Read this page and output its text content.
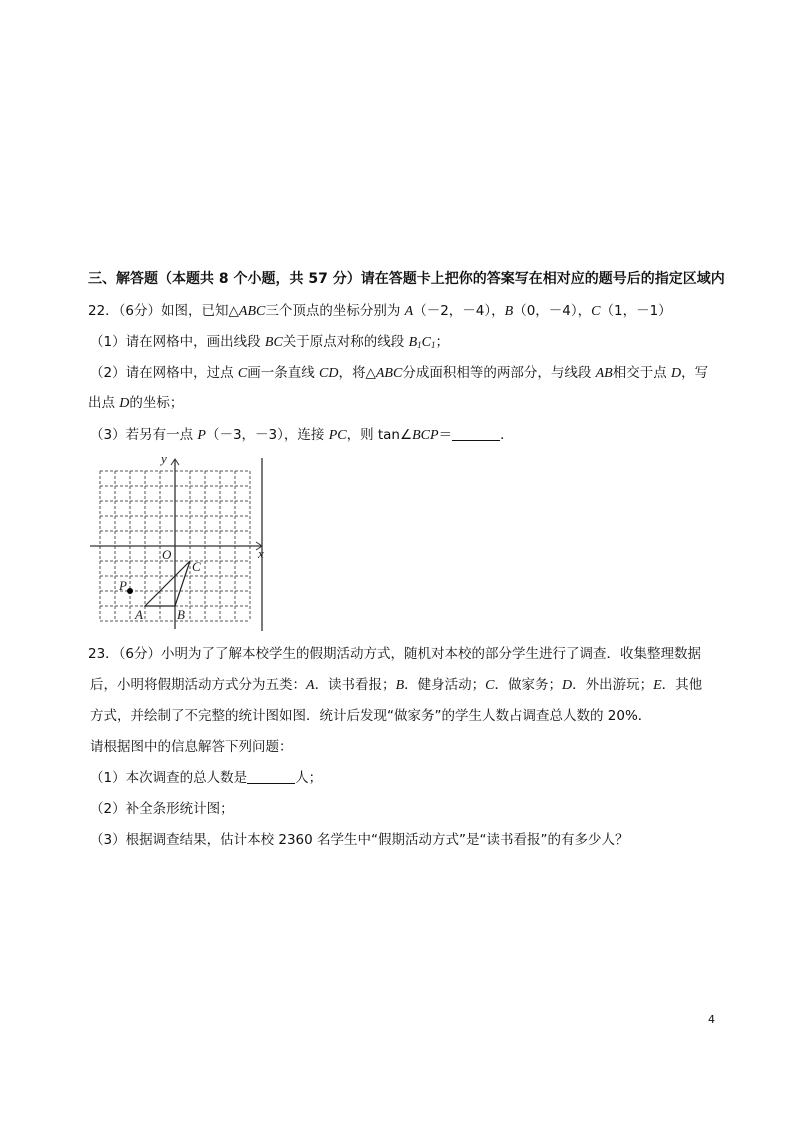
三、解答题（本题共 8 个小题，共 57 分）请在答题卡上把你的答案写在相对应的题号后的指定区域内
22．（6分）如图，已知△ABC三个顶点的坐标分别为 A（－2，－4），B（0，－4），C（1，－1）
（1）请在网格中，画出线段 BC关于原点对称的线段 $B_1C_1$；
（2）请在网格中，过点 C画一条直线 CD，将△ABC分成面积相等的两部分，与线段 AB相交于点 D，写
出点 D的坐标；
（3）若另有一点 P（－3，－3），连接 PC，则 tan∠BCP＝	．
x
y
O
A	B
C
P
23．（6分）小明为了了解本校学生的假期活动方式，随机对本校的部分学生进行了调查．收集整理数据
后，小明将假期活动方式分为五类：A．读书看报；B．健身活动；C．做家务；D．外出游玩；E．其他
方式，并绘制了不完整的统计图如图．统计后发现“做家务”的学生人数占调查总人数的 20%．
请根据图中的信息解答下列问题：
（1）本次调查的总人数是	人；
（2）补全条形统计图；
（3）根据调查结果，估计本校 2360 名学生中“假期活动方式”是“读书看报”的有多少人？
4
